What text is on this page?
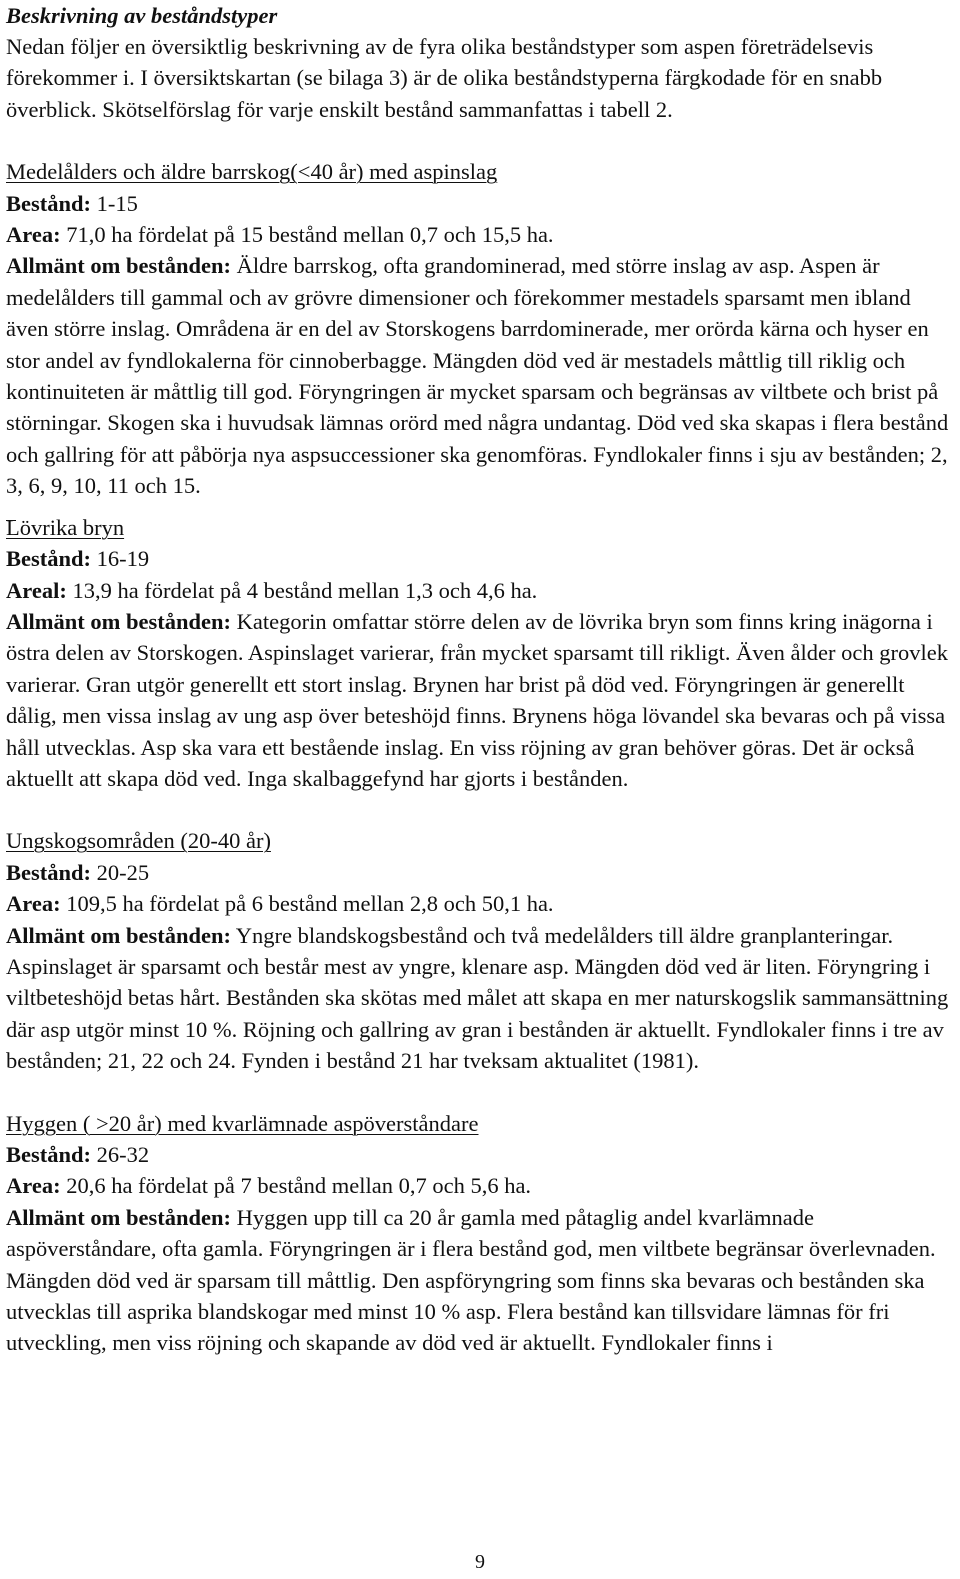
Beskrivning av beståndstyper

Nedan följer en översiktlig beskrivning av de fyra olika beståndstyper som aspen företrädelsevis förekommer i. I översiktskartan (se bilaga 3) är de olika beståndstyperna färgkodade för en snabb överblick. Skötselförslag för varje enskilt bestånd sammanfattas i tabell 2.

Medelålders och äldre barrskog(<40 år) med aspinslag
Bestånd: 1-15
Area: 71,0 ha fördelat på 15 bestånd mellan 0,7 och 15,5 ha.

Allmänt om bestånden: Äldre barrskog, ofta grandominerad, med större inslag av asp. Aspen är medelålders till gammal och av grövre dimensioner och förekommer mestadels sparsamt men ibland även större inslag. Områdena är en del av Storskogens barrdominerade, mer orörda kärna och hyser en stor andel av fyndlokalerna för cinnoberbagge. Mängden död ved är mestadels måttlig till riklig och kontinuiteten är måttlig till god. Föryngringen är mycket sparsam och begränsas av viltbete och brist på störningar. Skogen ska i huvudsak lämnas orörd med några undantag. Död ved ska skapas i flera bestånd och gallring för att påbörja nya aspsuccessioner ska genomföras. Fyndlokaler finns i sju av bestånden; 2, 3, 6, 9, 10, 11 och 15.

Lövrika bryn
Bestånd: 16-19
Areal: 13,9 ha fördelat på 4 bestånd mellan 1,3 och 4,6 ha.

Allmänt om bestånden: Kategorin omfattar större delen av de lövrika bryn som finns kring inägorna i östra delen av Storskogen. Aspinslaget varierar, från mycket sparsamt till rikligt. Även ålder och grovlek varierar. Gran utgör generellt ett stort inslag. Brynen har brist på död ved. Föryngringen är generellt dålig, men vissa inslag av ung asp över beteshöjd finns. Brynens höga lövandel ska bevaras och på vissa håll utvecklas. Asp ska vara ett bestående inslag. En viss röjning av gran behöver göras. Det är också aktuellt att skapa död ved. Inga skalbaggefynd har gjorts i bestånden.

Ungskogsområden (20-40 år)
Bestånd: 20-25
Area: 109,5 ha fördelat på 6 bestånd mellan 2,8 och 50,1 ha.

Allmänt om bestånden: Yngre blandskogsbestånd och två medelålders till äldre granplanteringar. Aspinslaget är sparsamt och består mest av yngre, klenare asp. Mängden död ved är liten. Föryngring i viltbeteshöjd betas hårt. Bestånden ska skötas med målet att skapa en mer naturskogslik sammansättning där asp utgör minst 10 %. Röjning och gallring av gran i bestånden är aktuellt. Fyndlokaler finns i tre av bestånden; 21, 22 och 24. Fynden i bestånd 21 har tveksam aktualitet (1981).

Hyggen ( >20 år) med kvarlämnade aspöverståndare
Bestånd: 26-32
Area: 20,6 ha fördelat på 7 bestånd mellan 0,7 och 5,6 ha.

Allmänt om bestånden: Hyggen upp till ca 20 år gamla med påtaglig andel kvarlämnade aspöverståndare, ofta gamla. Föryngringen är i flera bestånd god, men viltbete begränsar överlevnaden. Mängden död ved är sparsam till måttlig. Den aspföryngring som finns ska bevaras och bestånden ska utvecklas till asprika blandskogar med minst 10 % asp. Flera bestånd kan tillsvidare lämnas för fri utveckling, men viss röjning och skapande av död ved är aktuellt. Fyndlokaler finns i

9
